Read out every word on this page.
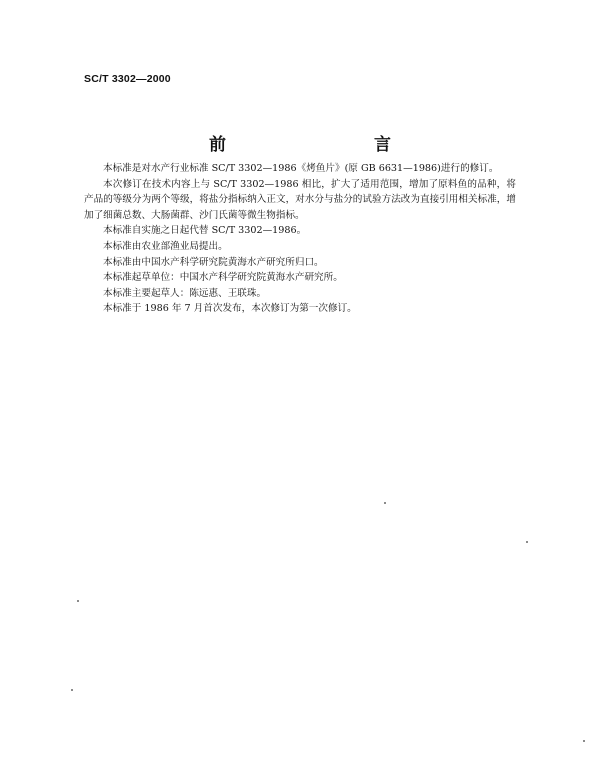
SC/T 3302—2000
前　　言

本标准是对水产行业标准 SC/T 3302—1986《烤鱼片》(原 GB 6631—1986)进行的修订。

本次修订在技术内容上与 SC/T 3302—1986 相比，扩大了适用范围，增加了原料鱼的品种，将产品的等级分为两个等级，将盐分指标纳入正文，对水分与盐分的试验方法改为直接引用相关标准，增加了细菌总数、大肠菌群、沙门氏菌等微生物指标。

本标准自实施之日起代替 SC/T 3302—1986。

本标准由农业部渔业局提出。

本标准由中国水产科学研究院黄海水产研究所归口。

本标准起草单位：中国水产科学研究院黄海水产研究所。

本标准主要起草人：陈远惠、王联珠。

本标准于 1986 年 7 月首次发布，本次修订为第一次修订。
